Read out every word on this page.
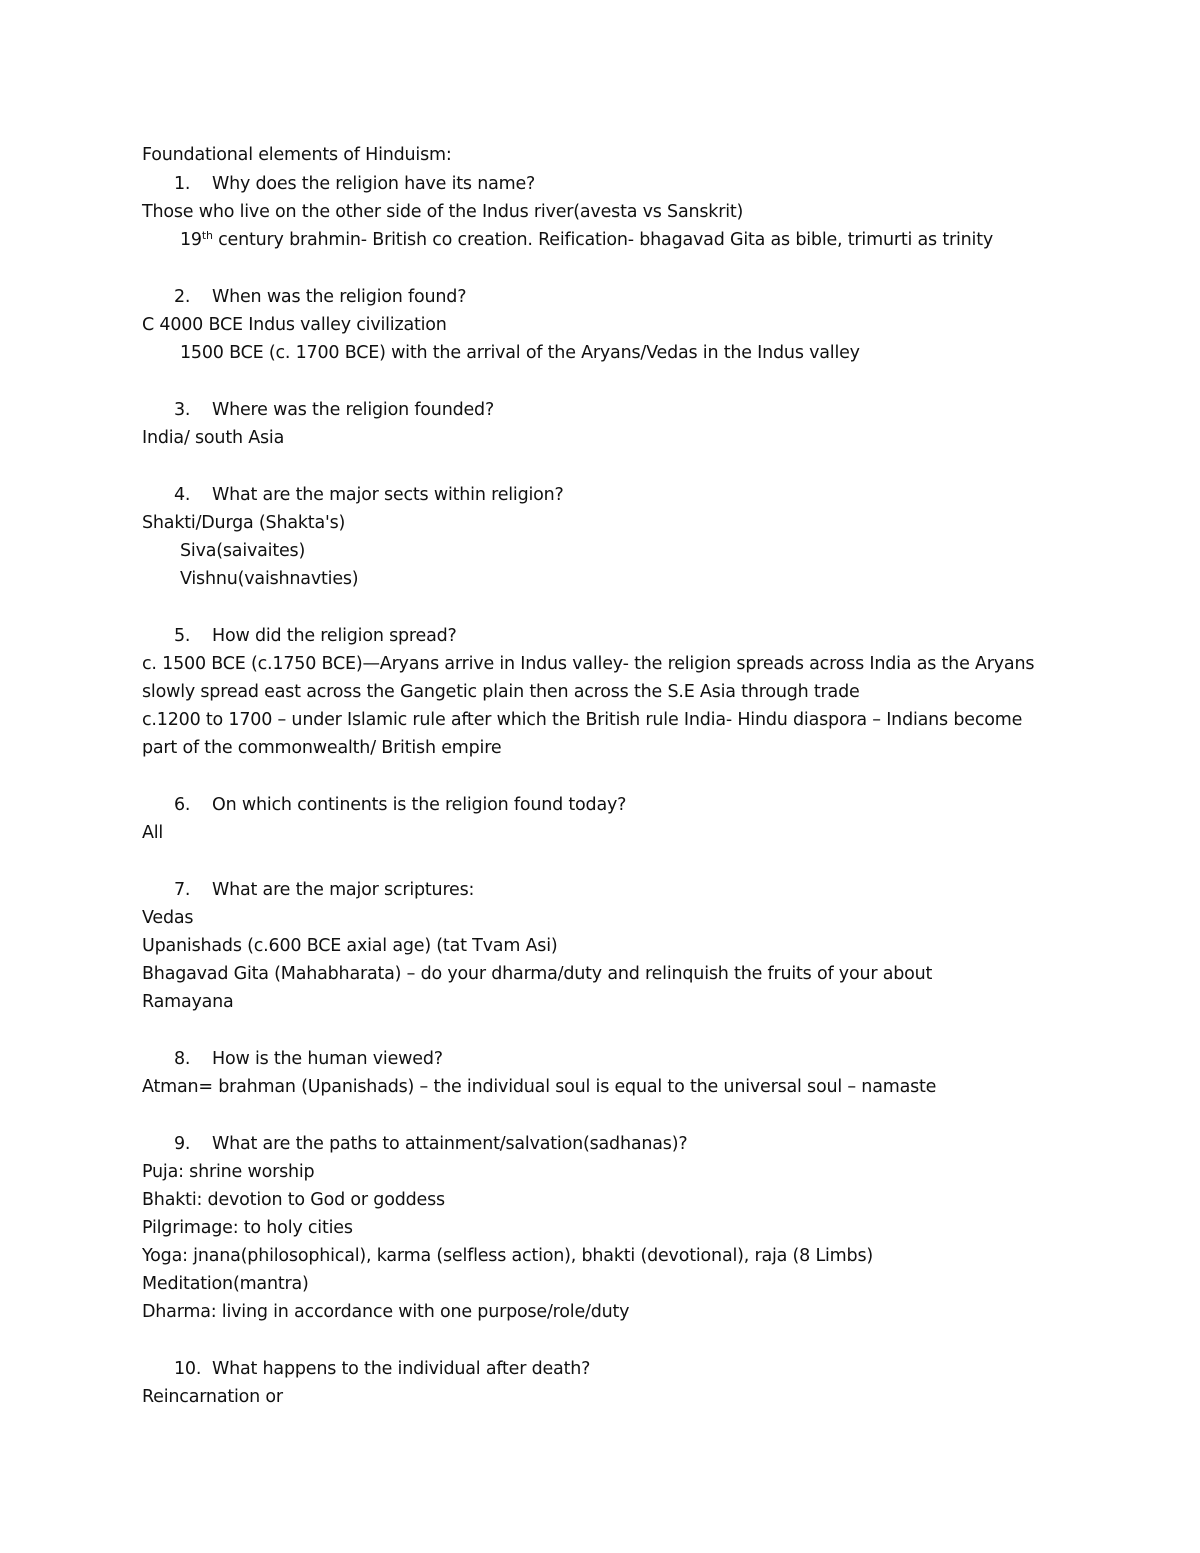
Foundational elements of Hinduism:
1. Why does the religion have its name?
Those who live on the other side of the Indus river(avesta vs Sanskrit)
19th century brahmin- British co creation. Reification- bhagavad Gita as bible, trimurti as trinity
2. When was the religion found?
C 4000 BCE Indus valley civilization
1500 BCE (c. 1700 BCE) with the arrival of the Aryans/Vedas in the Indus valley
3. Where was the religion founded?
India/ south Asia
4. What are the major sects within religion?
Shakti/Durga (Shakta's)
Siva(saivaites)
Vishnu(vaishnavties)
5. How did the religion spread?
c. 1500 BCE (c.1750 BCE)—Aryans arrive in Indus valley- the religion spreads across India as the Aryans
slowly spread east across the Gangetic plain then across the S.E Asia through trade
c.1200 to 1700 – under Islamic rule after which the British rule India- Hindu diaspora – Indians become
part of the commonwealth/ British empire
6. On which continents is the religion found today?
All
7. What are the major scriptures:
Vedas
Upanishads (c.600 BCE axial age) (tat Tvam Asi)
Bhagavad Gita (Mahabharata) – do your dharma/duty and relinquish the fruits of your about
Ramayana
8. How is the human viewed?
Atman= brahman (Upanishads) – the individual soul is equal to the universal soul – namaste
9. What are the paths to attainment/salvation(sadhanas)?
Puja: shrine worship
Bhakti: devotion to God or goddess
Pilgrimage: to holy cities
Yoga: jnana(philosophical), karma (selfless action), bhakti (devotional), raja (8 Limbs)
Meditation(mantra)
Dharma: living in accordance with one purpose/role/duty
10. What happens to the individual after death?
Reincarnation or
